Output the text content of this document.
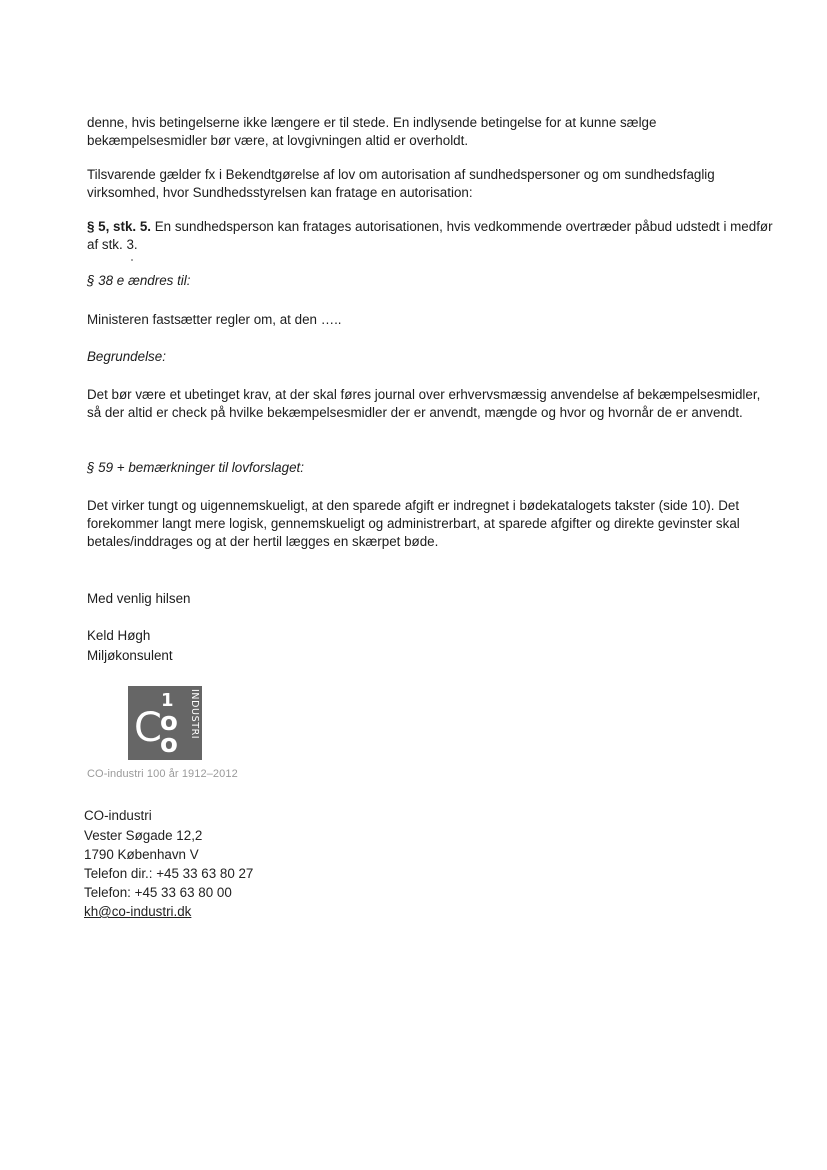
denne, hvis betingelserne ikke længere er til stede. En indlysende betingelse for at kunne sælge bekæmpelsesmidler bør være, at lovgivningen altid er overholdt.

Tilsvarende gælder fx i Bekendtgørelse af lov om autorisation af sundhedspersoner og om sundhedsfaglig virksomhed, hvor Sundhedsstyrelsen kan fratage en autorisation:

§ 5, stk. 5. En sundhedsperson kan fratages autorisationen, hvis vedkommende overtræder påbud udstedt i medfør af stk. 3.

§ 38 e ændres til:

Ministeren fastsætter regler om, at den …..

Begrundelse:

Det bør være et ubetinget krav, at der skal føres journal over erhvervsmæssig anvendelse af bekæmpelsesmidler, så der altid er check på hvilke bekæmpelsesmidler der er anvendt, mængde og hvor og hvornår de er anvendt.

§ 59 + bemærkninger til lovforslaget:

Det virker tungt og uigennemskueligt, at den sparede afgift er indregnet i bødekatalogets takster (side 10). Det forekommer langt mere logisk, gennemskueligt og administrerbart, at sparede afgifter og direkte gevinster skal betales/inddrages og at der hertil lægges en skærpet bøde.

Med venlig hilsen

Keld Høgh

Miljøkonsulent

C
1
o
o
INDUSTRI
CO-industri 100 år 1912–2012
CO-industri
Vester Søgade 12,2
1790 København V
Telefon dir.: +45 33 63 80 27
Telefon: +45 33 63 80 00
kh@co-industri.dk
